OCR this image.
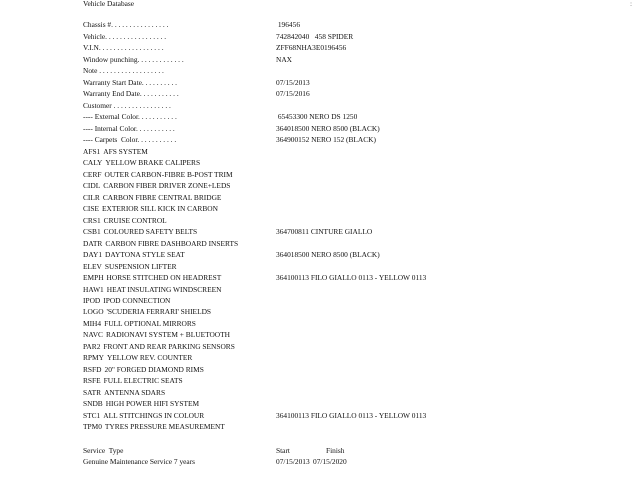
Vehicle Database	:
Chassis #. . . . . . . . . . . . . . . .	196456
Vehicle. . . . . . . . . . . . . . . . .	742842040   458 SPIDER
V.I.N. . . . . . . . . . . . . . . . . .	ZFF68NHA3E0196456
Window punching. . . . . . . . . . . . .	NAX
Note . . . . . . . . . . . . . . . . . .
Warranty Start Date. . . . . . . . . .	07/15/2013
Warranty End Date. . . . . . . . . . .	07/15/2016
Customer . . . . . . . . . . . . . . . .
---- External Color. . . . . . . . . . .	65453300 NERO DS 1250
---- Internal Color. . . . . . . . . . .	364018500 NERO 8500 (BLACK)
---- Carpets  Color. . . . . . . . . . .	364900152 NERO 152 (BLACK)
AFS1 AFS SYSTEM
CALY YELLOW BRAKE CALIPERS
CERF OUTER CARBON-FIBRE B-POST TRIM
CIDL CARBON FIBER DRIVER ZONE+LEDS
CILR CARBON FIBRE CENTRAL BRIDGE
CISE EXTERIOR SILL KICK IN CARBON
CRS1 CRUISE CONTROL
CSB1 COLOURED SAFETY BELTS	364700811 CINTURE GIALLO
DATR CARBON FIBRE DASHBOARD INSERTS
DAY1 DAYTONA STYLE SEAT	364018500 NERO 8500 (BLACK)
ELEV SUSPENSION LIFTER
EMPH HORSE STITCHED ON HEADREST	364100113 FILO GIALLO 0113 - YELLOW 0113
HAW1 HEAT INSULATING WINDSCREEN
IPOD IPOD CONNECTION
LOGO 'SCUDERIA FERRARI' SHIELDS
MIH4 FULL OPTIONAL MIRRORS
NAVC RADIONAVI SYSTEM + BLUETOOTH
PAR2 FRONT AND REAR PARKING SENSORS
RPMY YELLOW REV. COUNTER
RSFD 20" FORGED DIAMOND RIMS
RSFE FULL ELECTRIC SEATS
SATR ANTENNA SDARS
SNDB HIGH POWER HIFI SYSTEM
STC1 ALL STITCHINGS IN COLOUR	364100113 FILO GIALLO 0113 - YELLOW 0113
TPM0 TYRES PRESSURE MEASUREMENT
Service  Type	Start	Finish
Genuine Maintenance Service 7 years	07/15/2013 07/15/2020
